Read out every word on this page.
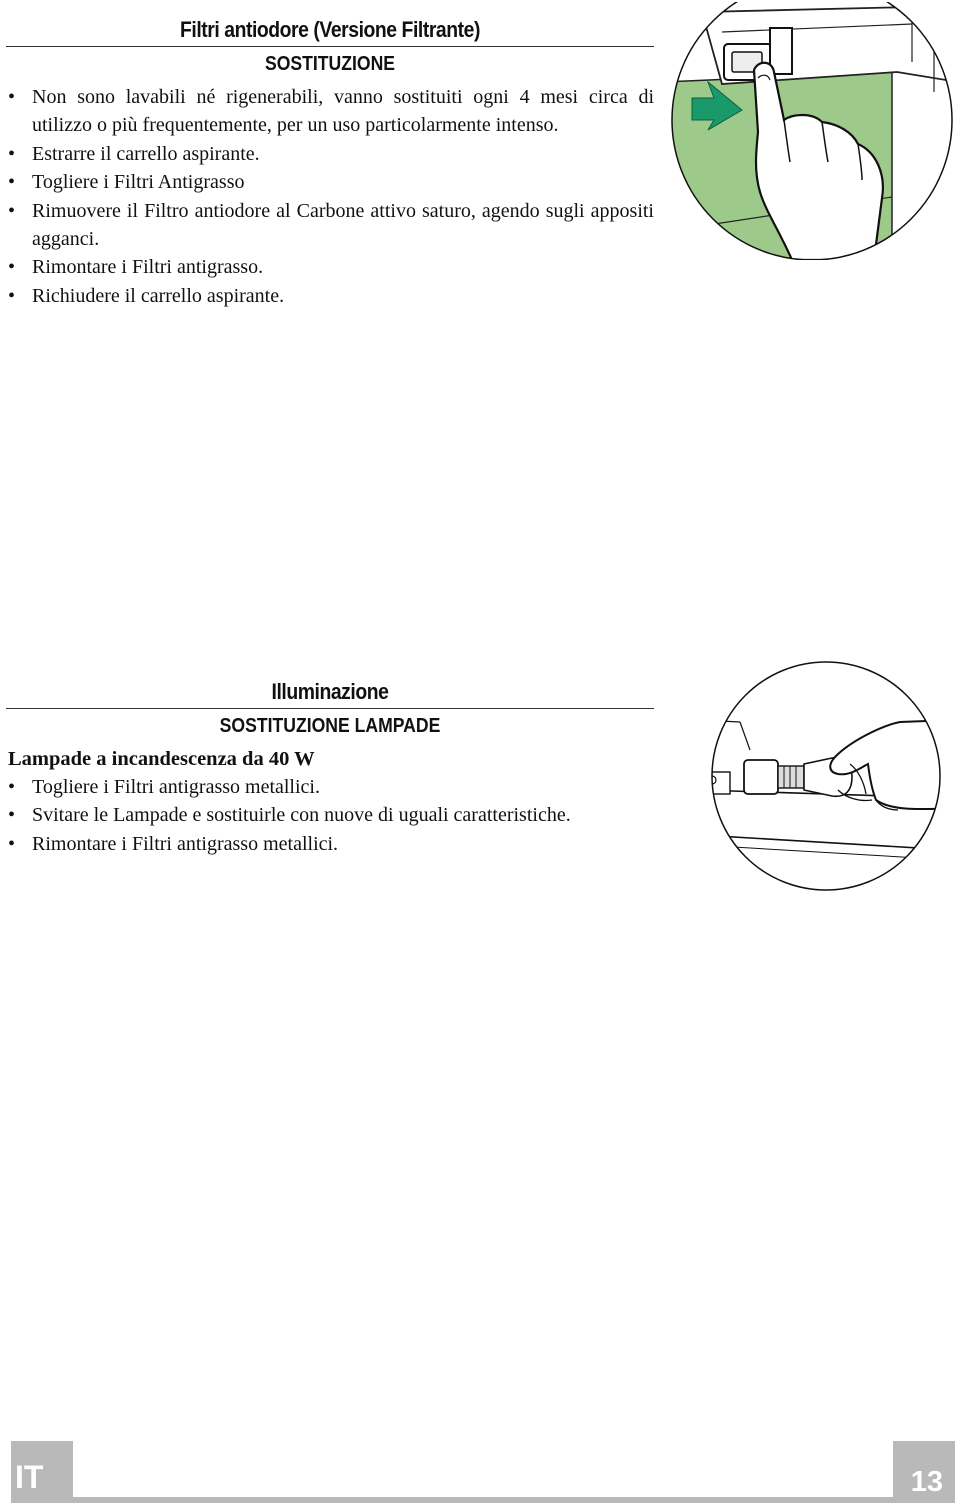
Filtri antiodore (Versione Filtrante)
SOSTITUZIONE
• Non sono lavabili né rigenerabili, vanno sostituiti ogni 4 mesi circa di utilizzo o più frequentemente, per un uso particolarmente intenso.
• Estrarre il carrello aspirante.
• Togliere i Filtri Antigrasso
• Rimuovere il Filtro antiodore al Carbone attivo saturo, agendo sugli appositi agganci.
• Rimontare i Filtri antigrasso.
• Richiudere il carrello aspirante.
Illuminazione
SOSTITUZIONE LAMPADE
Lampade a incandescenza da 40 W
• Togliere i Filtri antigrasso metallici.
• Svitare le Lampade e sostituirle con nuove di uguali caratteristiche.
• Rimontare i Filtri antigrasso metallici.
IT	13
